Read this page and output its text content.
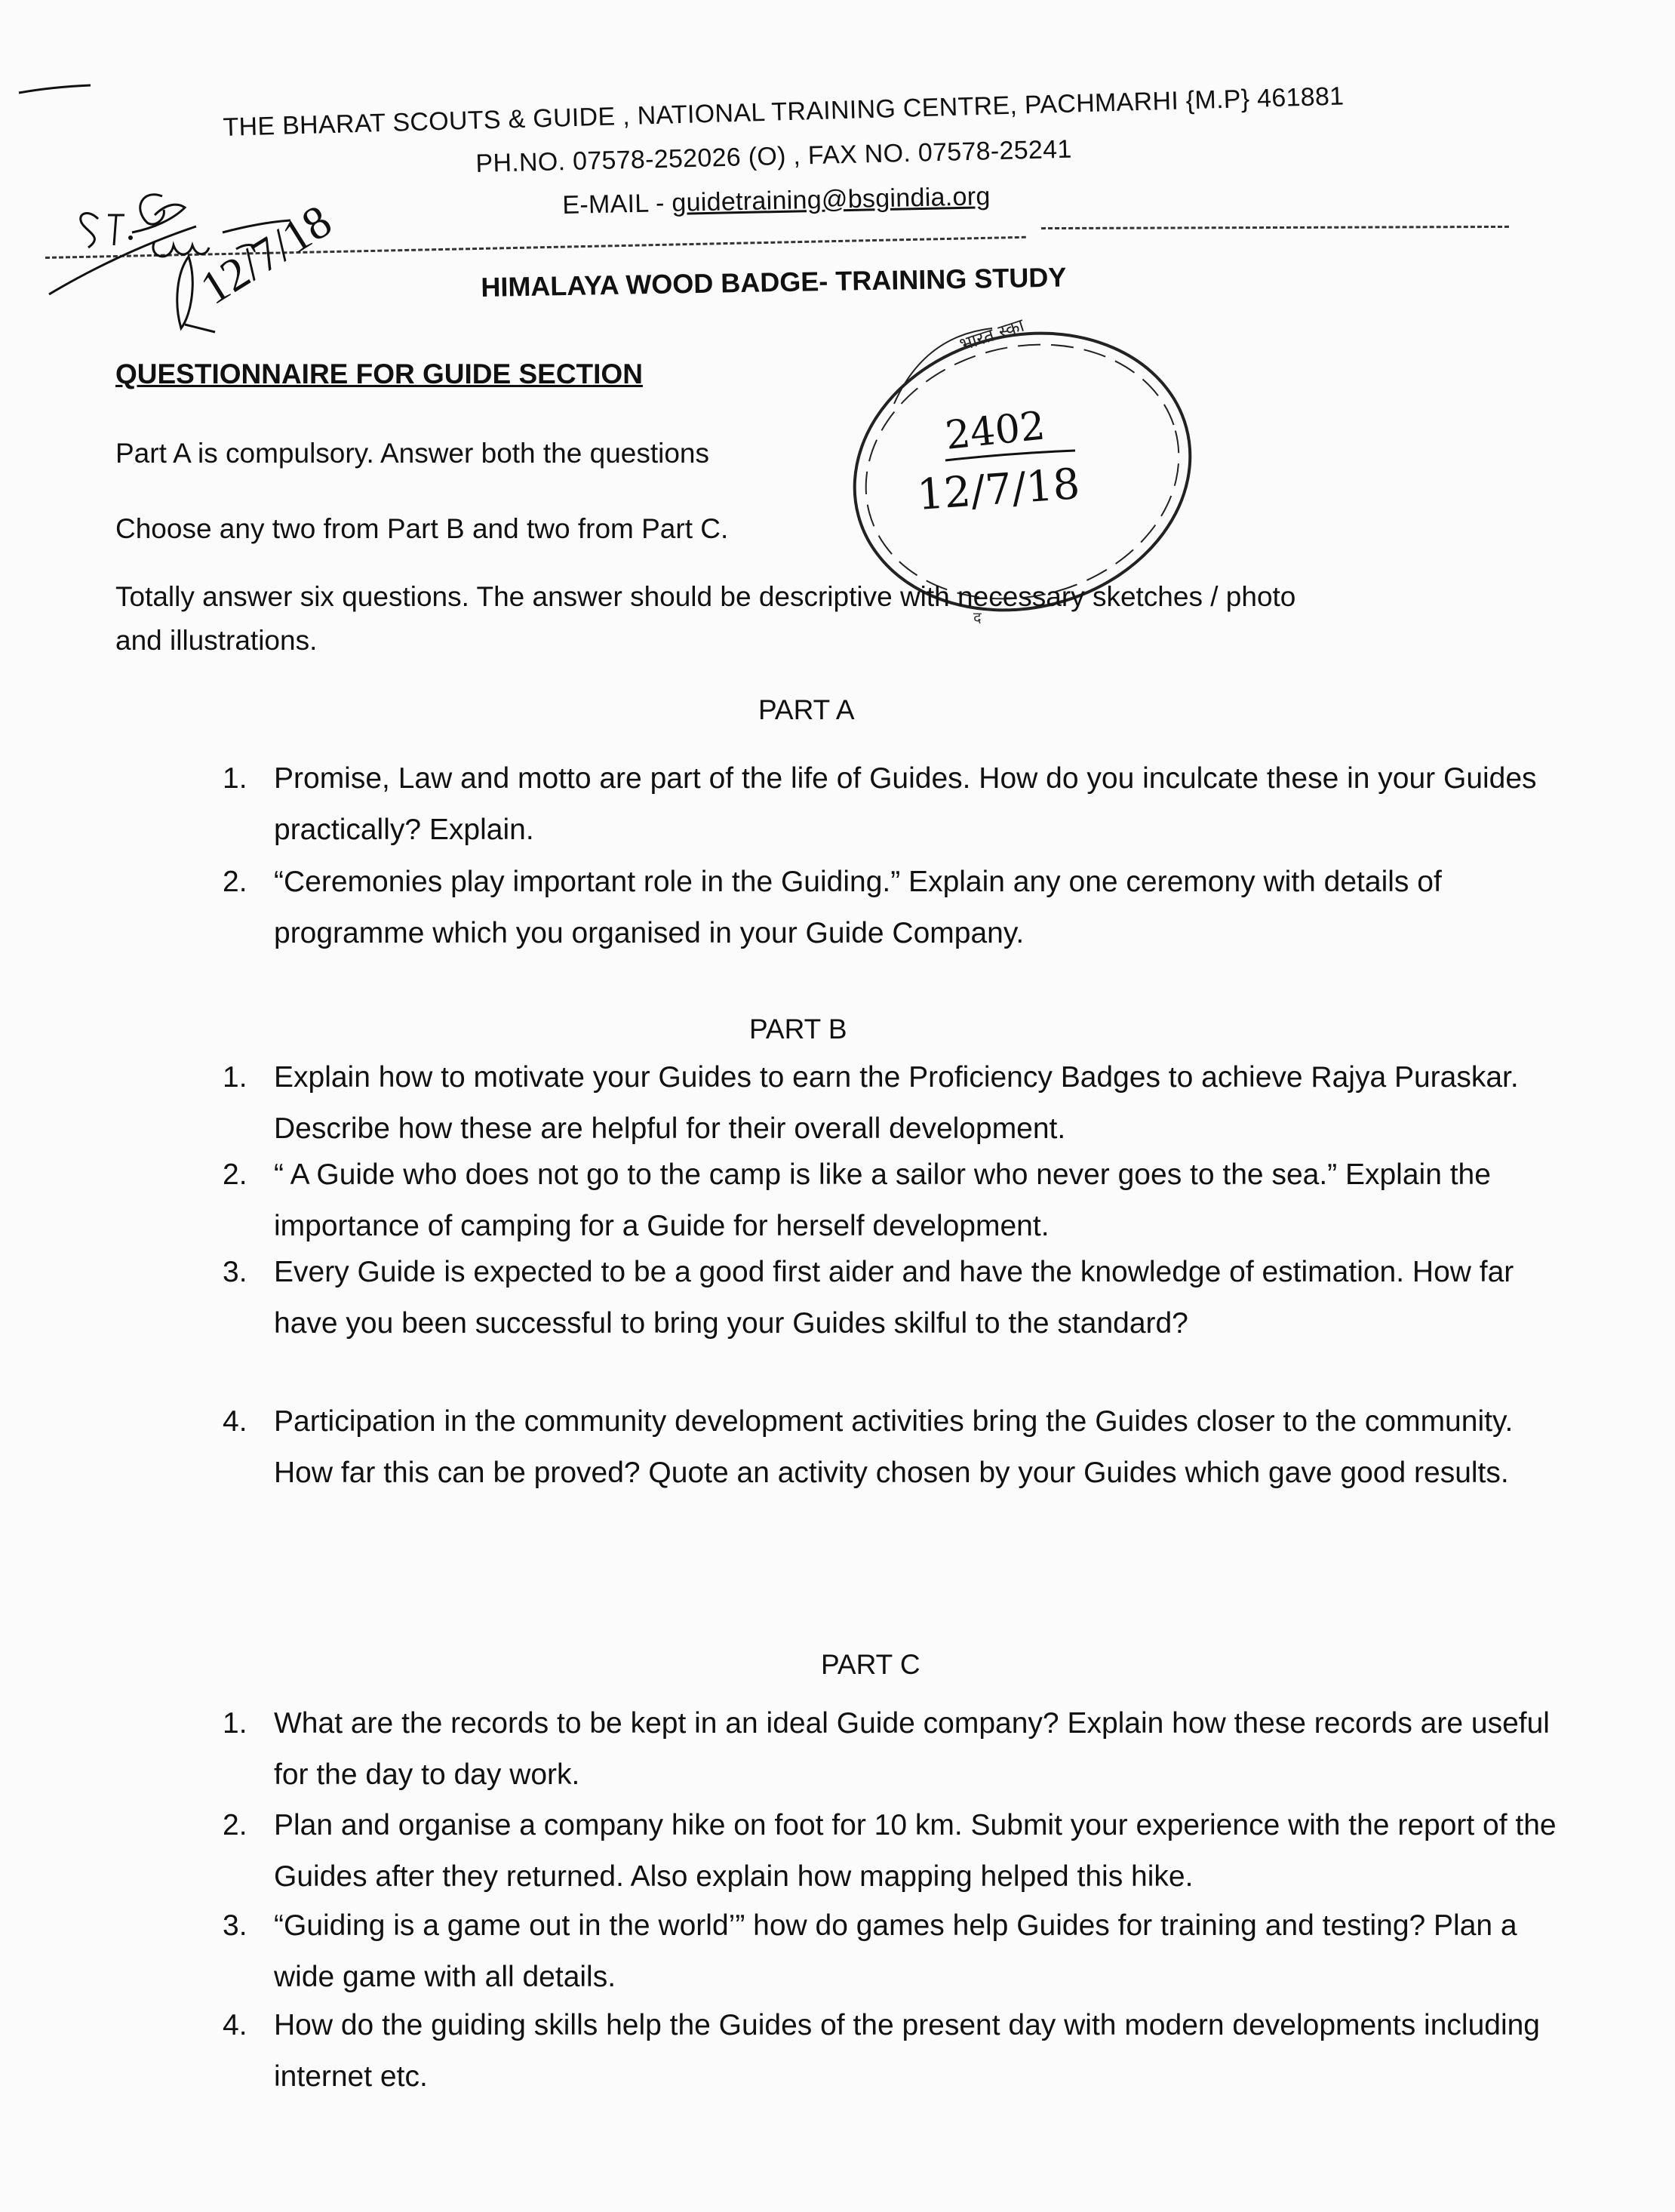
THE BHARAT SCOUTS & GUIDE , NATIONAL TRAINING CENTRE, PACHMARHI {M.P} 461881
PH.NO. 07578-252026 (O) , FAX NO. 07578-25241
E-MAIL - guidetraining@bsgindia.org
12/7/18	HIMALAYA WOOD BADGE- TRAINING STUDY
भारत स्का
2402
12/7/18
द
QUESTIONNAIRE FOR GUIDE SECTION
Part A is compulsory. Answer both the questions
Choose any two from Part B and two from Part C.
Totally answer six questions. The answer should be descriptive with necessary sketches / photo
and illustrations.
PART A
1. Promise, Law and motto are part of the life of Guides. How do you inculcate these in your Guides practically? Explain.
2. “Ceremonies play important role in the Guiding.” Explain any one ceremony with details of programme which you organised in your Guide Company.
PART B
1. Explain how to motivate your Guides to earn the Proficiency Badges to achieve Rajya Puraskar. Describe how these are helpful for their overall development.
2. “ A Guide who does not go to the camp is like a sailor who never goes to the sea.” Explain the importance of camping for a Guide for herself development.
3. Every Guide is expected to be a good first aider and have the knowledge of estimation. How far have you been successful to bring your Guides skilful to the standard?
4. Participation in the community development activities bring the Guides closer to the community. How far this can be proved? Quote an activity chosen by your Guides which gave good results.
PART C
1. What are the records to be kept in an ideal Guide company? Explain how these records are useful for the day to day work.
2. Plan and organise a company hike on foot for 10 km. Submit your experience with the report of the Guides after they returned. Also explain how mapping helped this hike.
3. “Guiding is a game out in the world’” how do games help Guides for training and testing? Plan a wide game with all details.
4. How do the guiding skills help the Guides of the present day with modern developments including internet etc.
